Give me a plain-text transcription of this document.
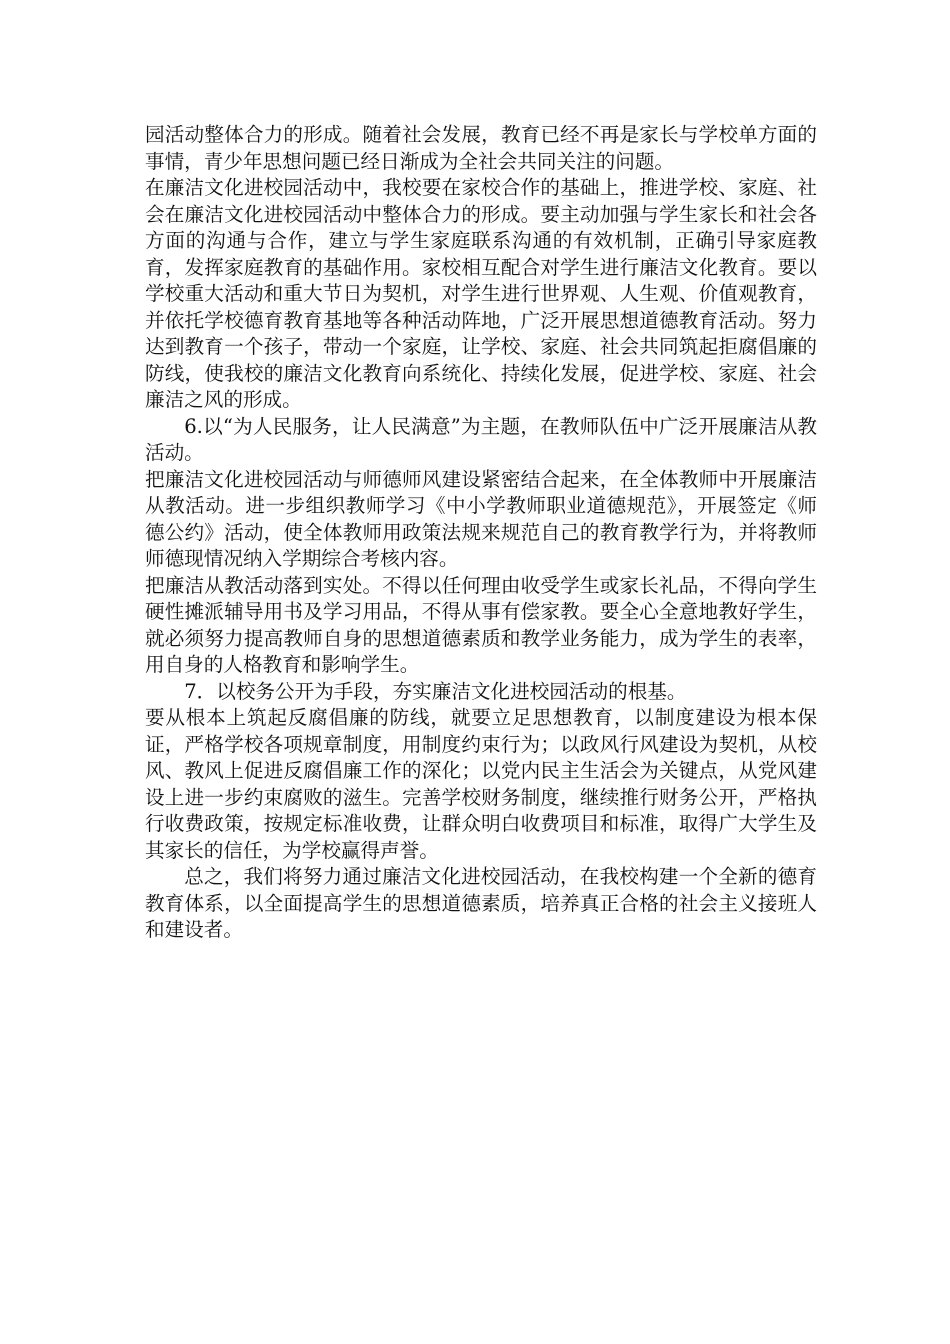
园活动整体合力的形成。随着社会发展，教育已经不再是家长与学校单方面的事情，青少年思想问题已经日渐成为全社会共同关注的问题。

在廉洁文化进校园活动中，我校要在家校合作的基础上，推进学校、家庭、社会在廉洁文化进校园活动中整体合力的形成。要主动加强与学生家长和社会各方面的沟通与合作，建立与学生家庭联系沟通的有效机制，正确引导家庭教育，发挥家庭教育的基础作用。家校相互配合对学生进行廉洁文化教育。要以学校重大活动和重大节日为契机，对学生进行世界观、人生观、价值观教育，并依托学校德育教育基地等各种活动阵地，广泛开展思想道德教育活动。努力达到教育一个孩子，带动一个家庭，让学校、家庭、社会共同筑起拒腐倡廉的防线，使我校的廉洁文化教育向系统化、持续化发展，促进学校、家庭、社会廉洁之风的形成。

6.以“为人民服务，让人民满意”为主题，在教师队伍中广泛开展廉洁从教活动。

把廉洁文化进校园活动与师德师风建设紧密结合起来，在全体教师中开展廉洁从教活动。进一步组织教师学习《中小学教师职业道德规范》，开展签定《师德公约》活动，使全体教师用政策法规来规范自己的教育教学行为，并将教师师德现情况纳入学期综合考核内容。

把廉洁从教活动落到实处。不得以任何理由收受学生或家长礼品，不得向学生硬性摊派辅导用书及学习用品，不得从事有偿家教。要全心全意地教好学生，就必须努力提高教师自身的思想道德素质和教学业务能力，成为学生的表率，用自身的人格教育和影响学生。

7．以校务公开为手段，夯实廉洁文化进校园活动的根基。

要从根本上筑起反腐倡廉的防线，就要立足思想教育，以制度建设为根本保证，严格学校各项规章制度，用制度约束行为；以政风行风建设为契机，从校风、教风上促进反腐倡廉工作的深化；以党内民主生活会为关键点，从党风建设上进一步约束腐败的滋生。完善学校财务制度，继续推行财务公开，严格执行收费政策，按规定标准收费，让群众明白收费项目和标准，取得广大学生及其家长的信任，为学校赢得声誉。

总之，我们将努力通过廉洁文化进校园活动，在我校构建一个全新的德育教育体系，以全面提高学生的思想道德素质，培养真正合格的社会主义接班人和建设者。
